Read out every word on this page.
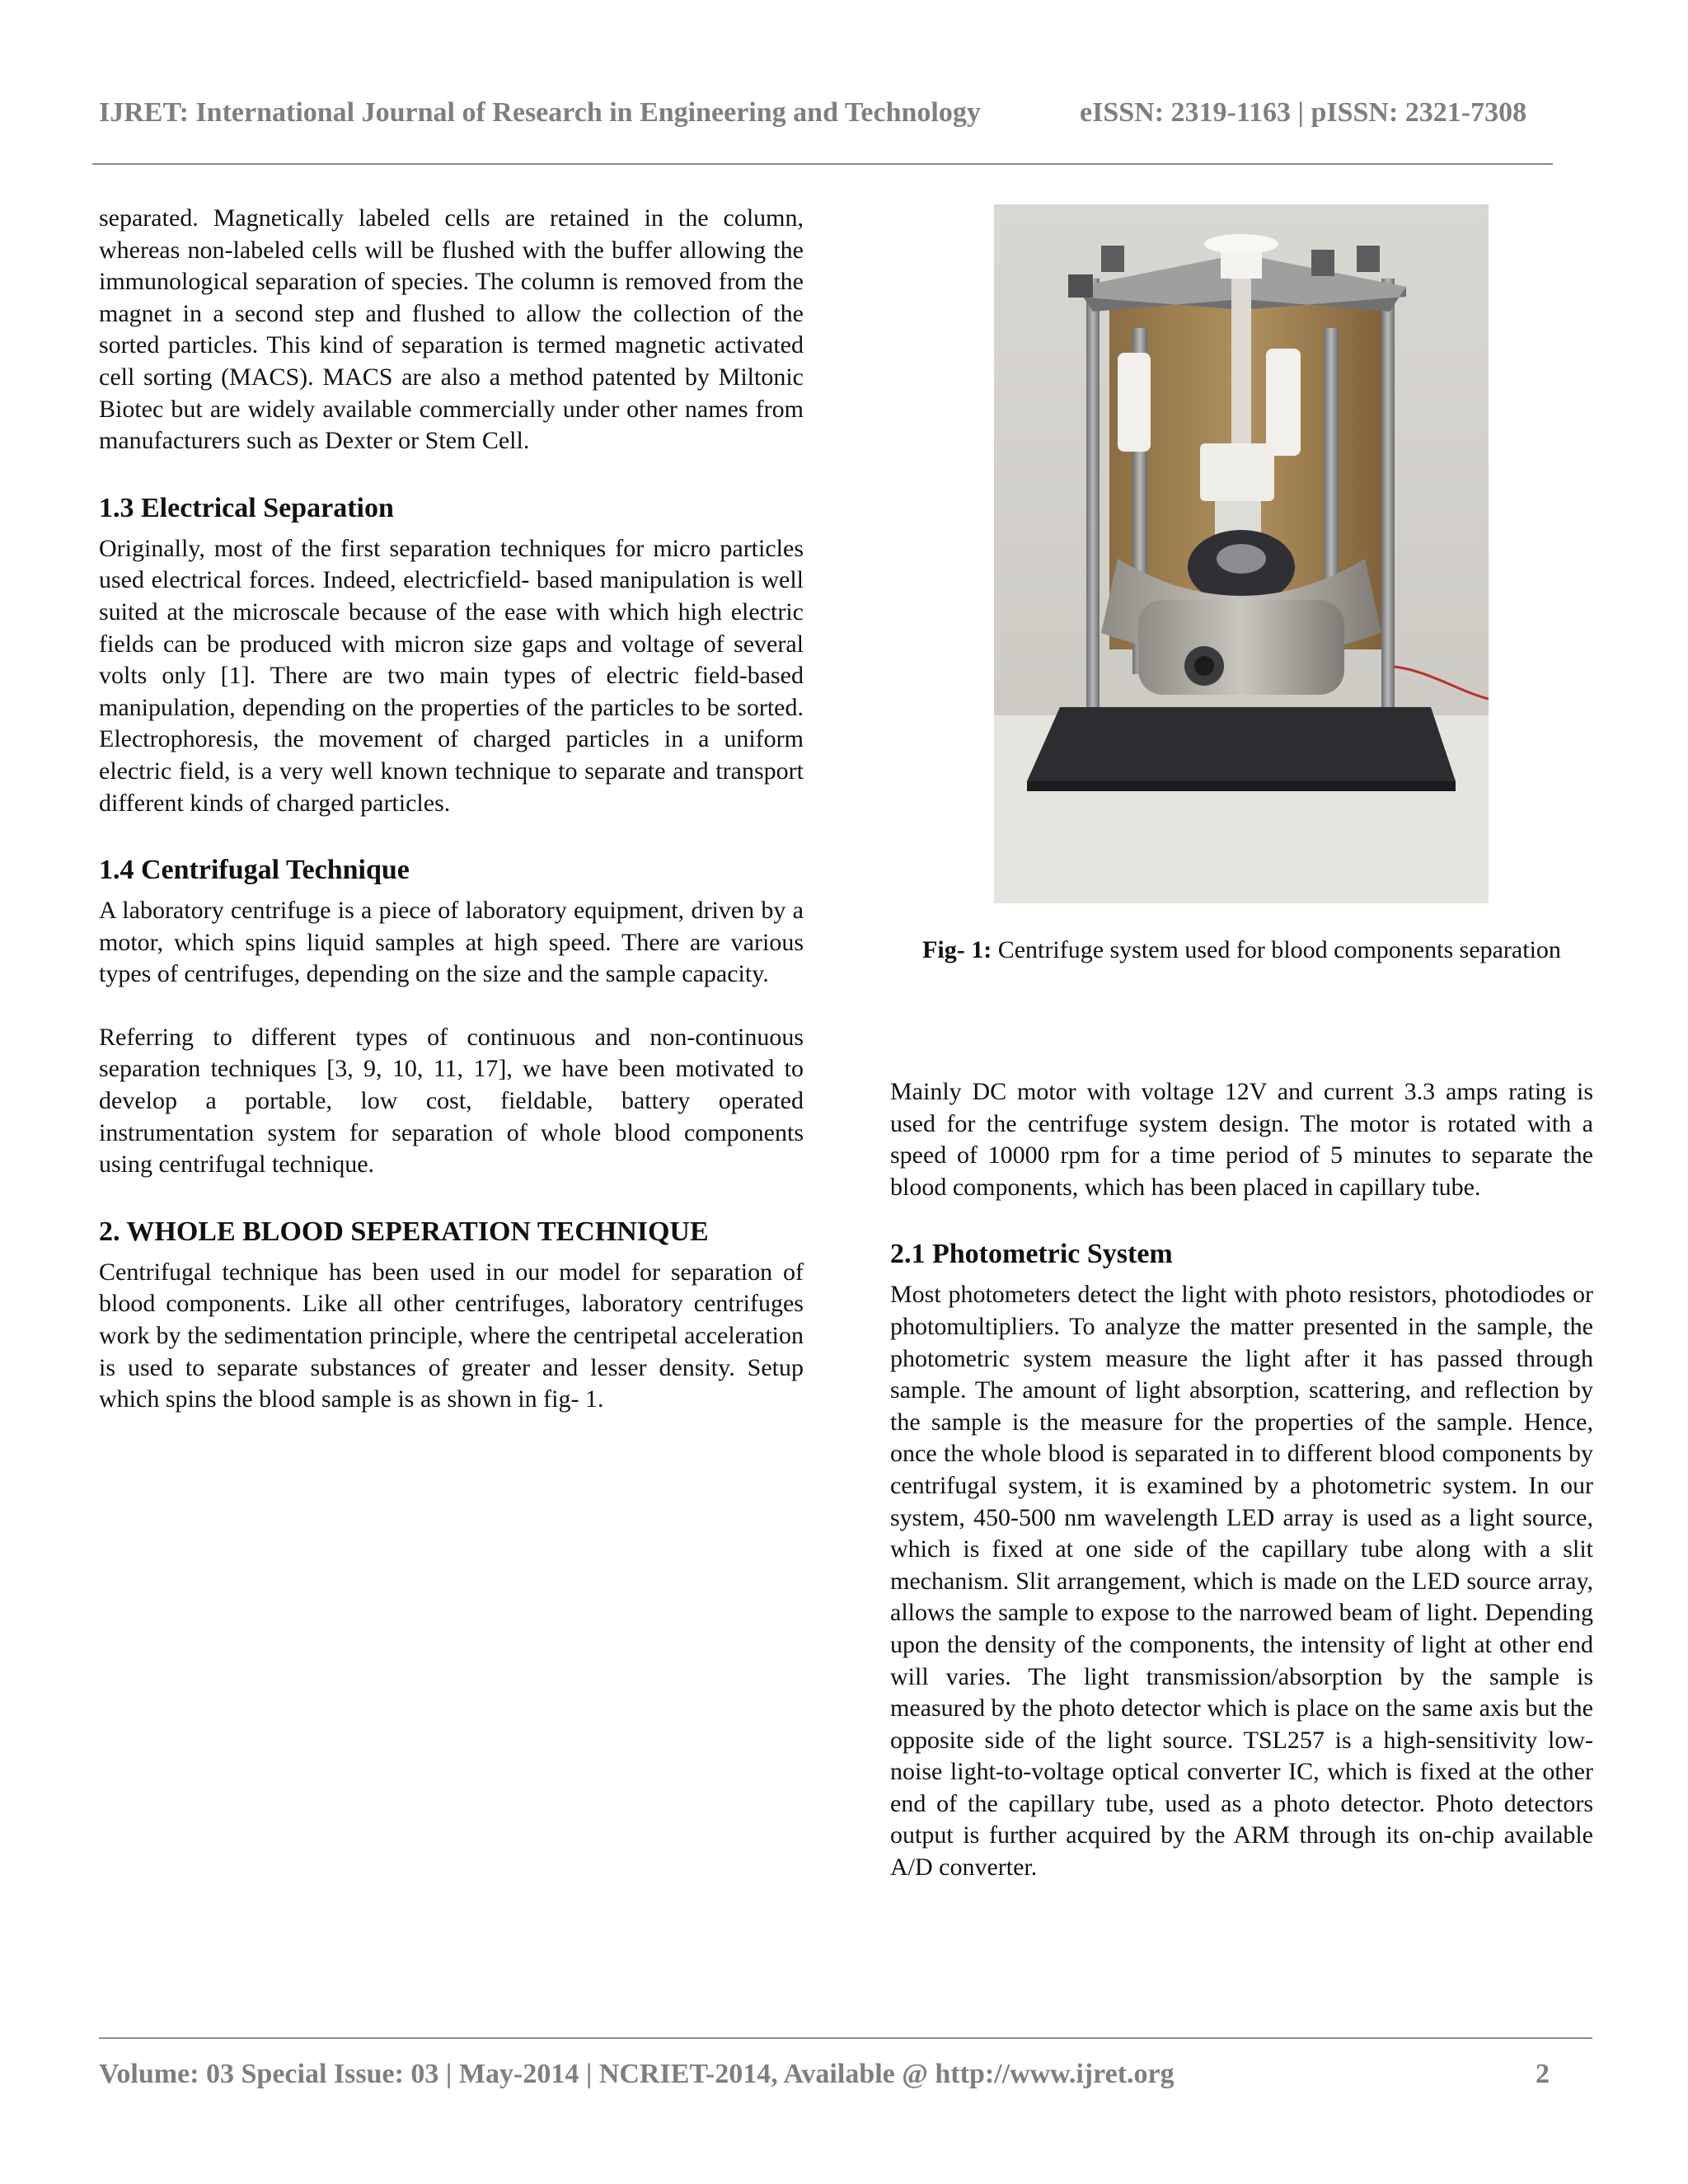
IJRET: International Journal of Research in Engineering and Technology	eISSN: 2319-1163 | pISSN: 2321-7308

separated. Magnetically labeled cells are retained in the column, whereas non-labeled cells will be flushed with the buffer allowing the immunological separation of species. The column is removed from the magnet in a second step and flushed to allow the collection of the sorted particles. This kind of separation is termed magnetic activated cell sorting (MACS). MACS are also a method patented by Miltonic Biotec but are widely available commercially under other names from manufacturers such as Dexter or Stem Cell.

1.3 Electrical Separation

Originally, most of the first separation techniques for micro particles used electrical forces. Indeed, electricfield- based manipulation is well suited at the microscale because of the ease with which high electric fields can be produced with micron size gaps and voltage of several volts only [1]. There are two main types of electric field-based manipulation, depending on the properties of the particles to be sorted. Electrophoresis, the movement of charged particles in a uniform electric field, is a very well known technique to separate and transport different kinds of charged particles.

1.4 Centrifugal Technique

A laboratory centrifuge is a piece of laboratory equipment, driven by a motor, which spins liquid samples at high speed. There are various types of centrifuges, depending on the size and the sample capacity.

Referring to different types of continuous and non-continuous separation techniques [3, 9, 10, 11, 17], we have been motivated to develop a portable, low cost, fieldable, battery operated instrumentation system for separation of whole blood components using centrifugal technique.

2. WHOLE BLOOD SEPERATION TECHNIQUE

Centrifugal technique has been used in our model for separation of blood components. Like all other centrifuges, laboratory centrifuges work by the sedimentation principle, where the centripetal acceleration is used to separate substances of greater and lesser density. Setup which spins the blood sample is as shown in fig- 1.

Fig- 1: Centrifuge system used for blood components separation

Mainly DC motor with voltage 12V and current 3.3 amps rating is used for the centrifuge system design. The motor is rotated with a speed of 10000 rpm for a time period of 5 minutes to separate the blood components, which has been placed in capillary tube.

2.1 Photometric System

Most photometers detect the light with photo resistors, photodiodes or photomultipliers. To analyze the matter presented in the sample, the photometric system measure the light after it has passed through sample. The amount of light absorption, scattering, and reflection by the sample is the measure for the properties of the sample. Hence, once the whole blood is separated in to different blood components by centrifugal system, it is examined by a photometric system. In our system, 450-500 nm wavelength LED array is used as a light source, which is fixed at one side of the capillary tube along with a slit mechanism. Slit arrangement, which is made on the LED source array, allows the sample to expose to the narrowed beam of light. Depending upon the density of the components, the intensity of light at other end will varies. The light transmission/absorption by the sample is measured by the photo detector which is place on the same axis but the opposite side of the light source. TSL257 is a high-sensitivity low-noise light-to-voltage optical converter IC, which is fixed at the other end of the capillary tube, used as a photo detector. Photo detectors output is further acquired by the ARM through its on-chip available A/D converter.

Volume: 03 Special Issue: 03 | May-2014 | NCRIET-2014, Available @ http://www.ijret.org	2
